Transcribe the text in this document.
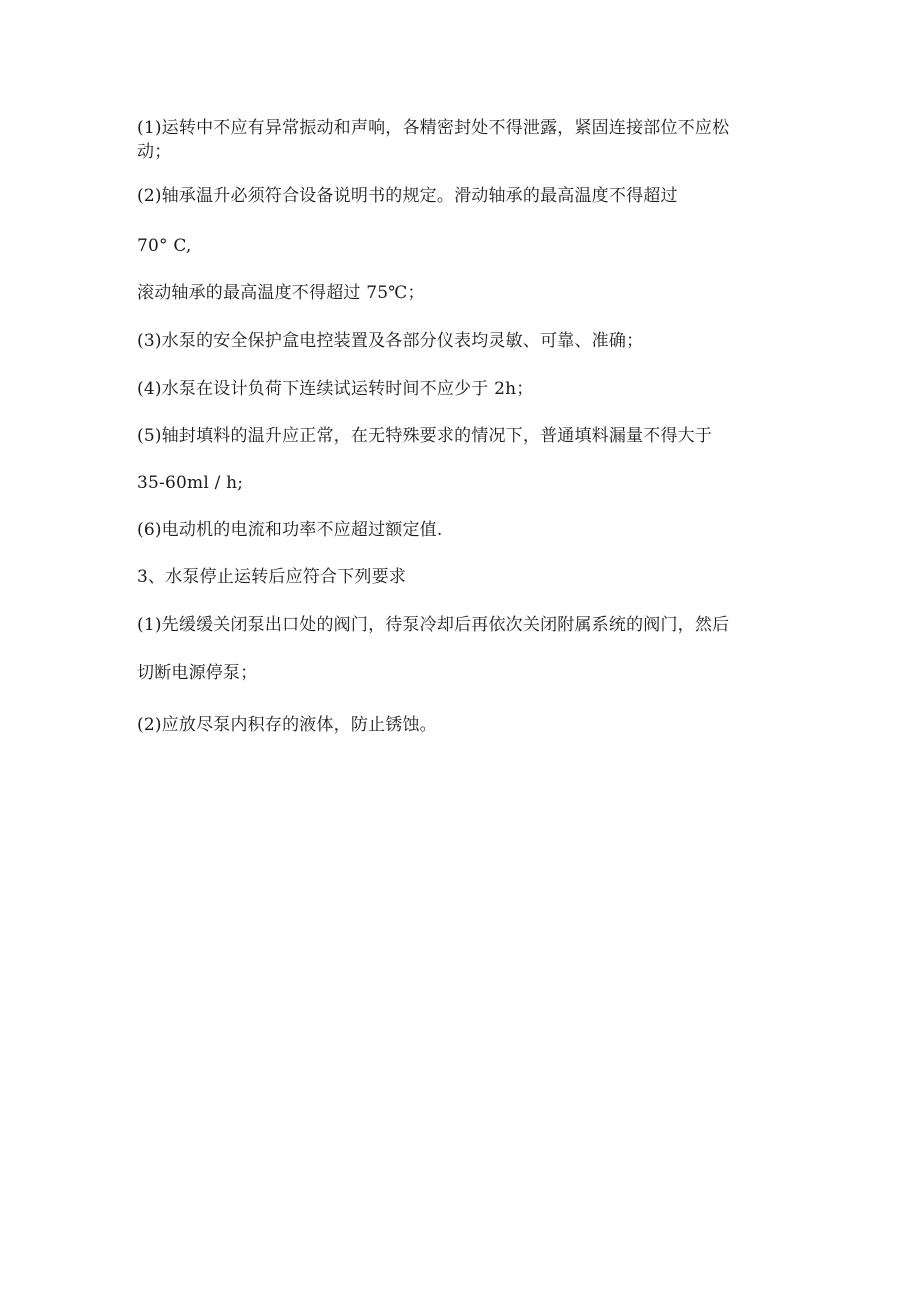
(1)运转中不应有异常振动和声响，各精密封处不得泄露，紧固连接部位不应松
动；
(2)轴承温升必须符合设备说明书的规定。滑动轴承的最高温度不得超过
70° C,
滚动轴承的最高温度不得超过 75℃；
(3)水泵的安全保护盒电控装置及各部分仪表均灵敏、可靠、准确；
(4)水泵在设计负荷下连续试运转时间不应少于 2h；
(5)轴封填料的温升应正常，在无特殊要求的情况下，普通填料漏量不得大于
35-60ml / h;
(6)电动机的电流和功率不应超过额定值.
3、水泵停止运转后应符合下列要求
(1)先缓缓关闭泵出口处的阀门，待泵冷却后再依次关闭附属系统的阀门，然后
切断电源停泵；
(2)应放尽泵内积存的液体，防止锈蚀。
